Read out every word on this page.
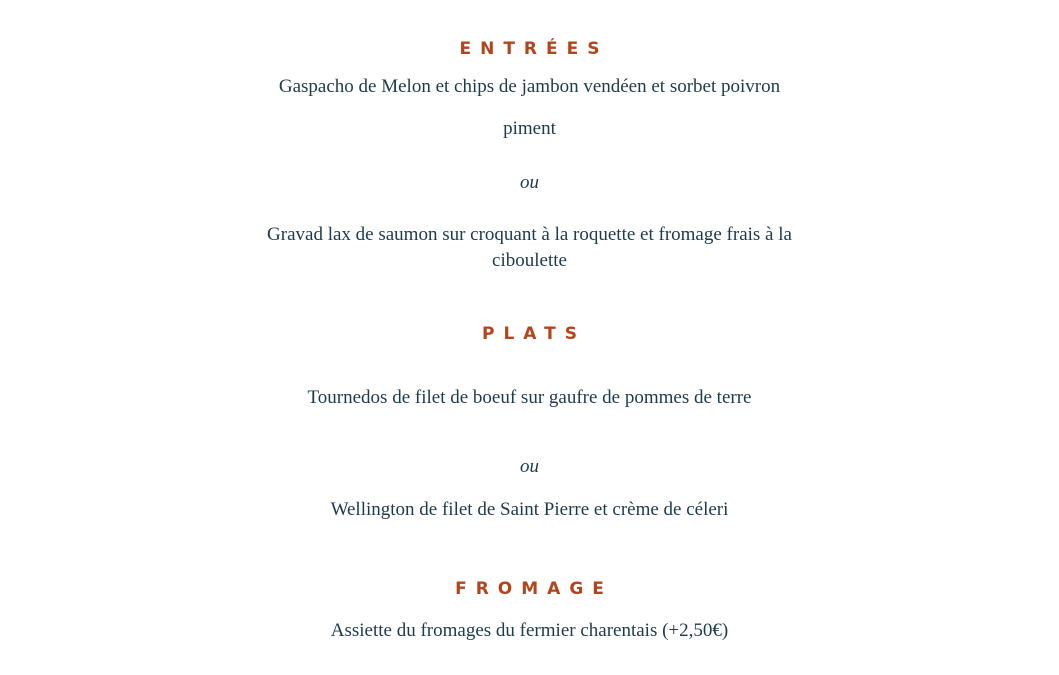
ENTRÉES
Gaspacho de Melon et chips de jambon vendéen et sorbet poivron
piment
ou
Gravad lax de saumon sur croquant à la roquette et fromage frais à la
ciboulette
PLATS
Tournedos de filet de boeuf sur gaufre de pommes de terre
ou
Wellington de filet de Saint Pierre et crème de céleri
FROMAGE
Assiette du fromages du fermier charentais (+2,50€)
